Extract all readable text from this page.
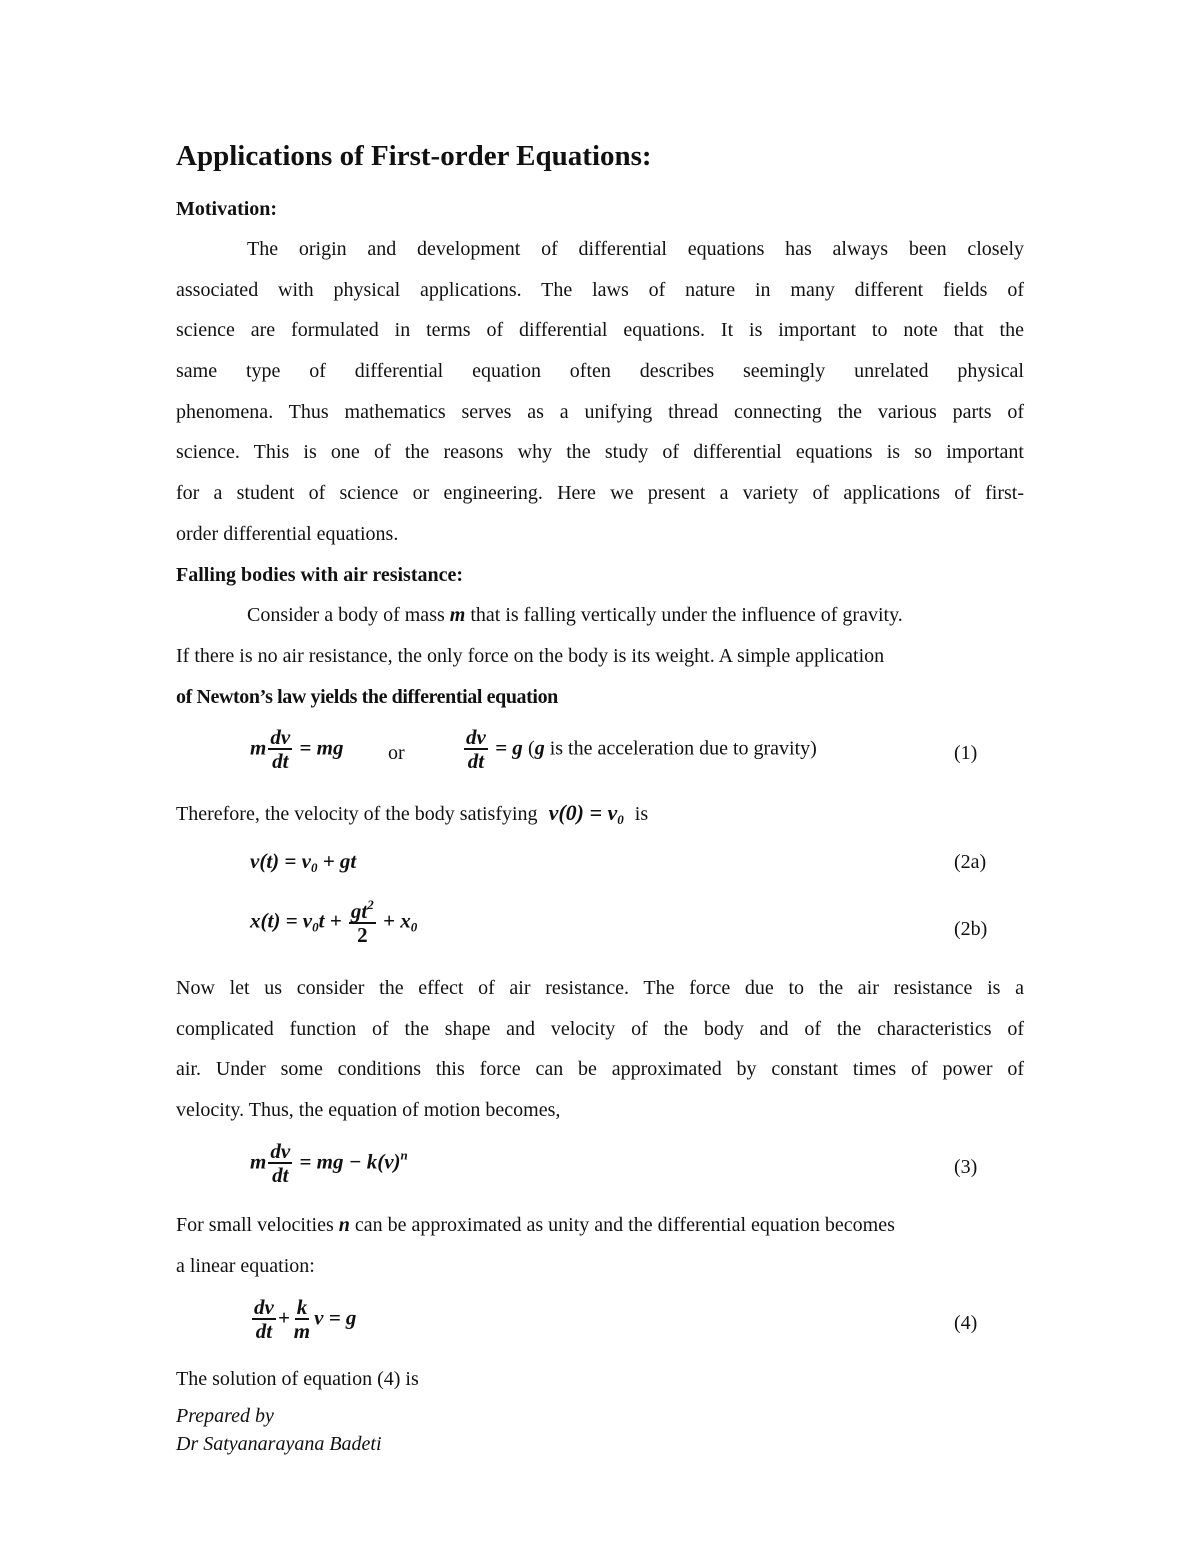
Applications of First-order Equations:
Motivation:
The origin and development of differential equations has always been closely
associated with physical applications. The laws of nature in many different fields of
science are formulated in terms of differential equations. It is important to note that the
same type of differential equation often describes seemingly unrelated physical
phenomena. Thus mathematics serves as a unifying thread connecting the various parts of
science. This is one of the reasons why the study of differential equations is so important
for a student of science or engineering. Here we present a variety of applications of first-
order differential equations.
Falling bodies with air resistance:
Consider a body of mass m that is falling vertically under the influence of gravity.
If there is no air resistance, the only force on the body is its weight. A simple application
of Newton’s law yields the differential equation
m $\frac{dv}{dt}$ = mg or	$\frac{dv}{dt} = g$ (g is the acceleration due to gravity)	(1)
Therefore, the velocity of the body satisfying $v(0) = v_0$ is
$v(t) = v_0$ + gt	(2a)
$x(t) = v_0t + \frac{gt^2}{2} + x_0$	(2b)
Now let us consider the effect of air resistance. The force due to the air resistance is a
complicated function of the shape and velocity of the body and of the characteristics of
air. Under some conditions this force can be approximated by constant times of power of
velocity. Thus, the equation of motion becomes,
m $\frac{dv}{dt}$ = mg − $k(v)^n$
(3)
For small velocities n can be approximated as unity and the differential equation becomes
a linear equation:
$\frac{dv}{dt} + \frac{k}{m}$ v = g	(4)
The solution of equation (4) is
Prepared by
Dr Satyanarayana Badeti
